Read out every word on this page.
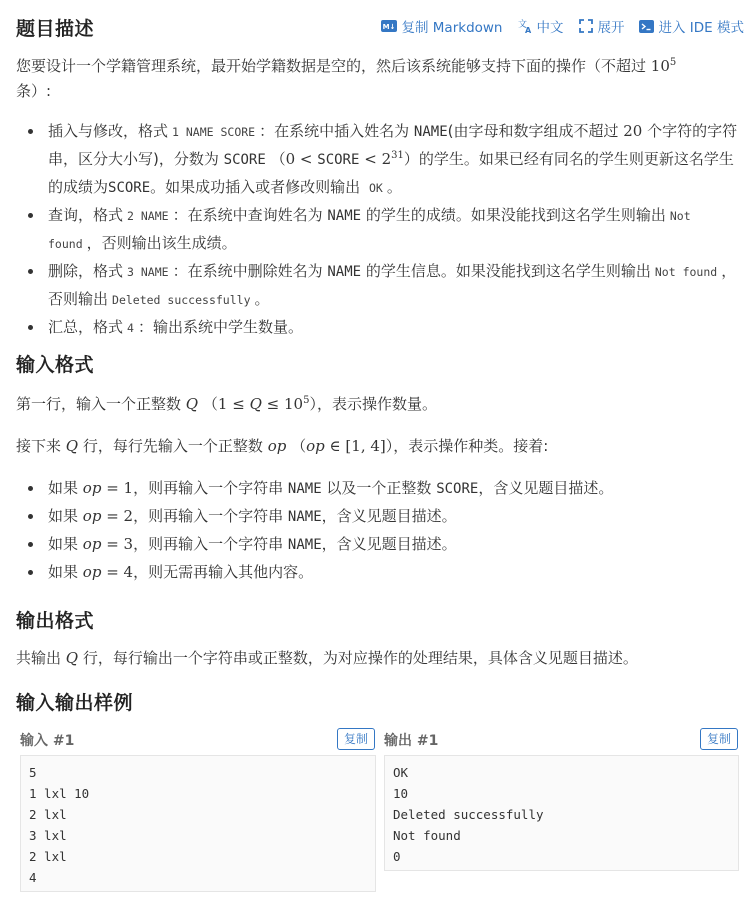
题目描述	M↓ 复制 Markdown 文
A 中文	展开	进入 IDE 模式
您要设计一个学籍管理系统，最开始学籍数据是空的，然后该系统能够支持下面的操作（不超过 $10^5$
条）:
插入与修改，格式 1 NAME SCORE ：在系统中插入姓名为 NAME(由字母和数字组成不超过 20 个字符的字符串，区分大小写)，分数为 SCORE （0 < SCORE < $2^{31}$）的学生。如果已经有同名的学生则更新这名学生的成绩为SCORE。如果成功插入或者修改则输出 OK 。
查询，格式 2 NAME ：在系统中查询姓名为 NAME 的学生的成绩。如果没能找到这名学生则输出 Not found ，否则输出该生成绩。
删除，格式 3 NAME ：在系统中删除姓名为 NAME 的学生信息。如果没能找到这名学生则输出 Not found ，否则输出 Deleted successfully 。
汇总，格式 4 ：输出系统中学生数量。
输入格式
第一行，输入一个正整数 Q $(1 \le Q \le 10^5)$，表示操作数量。
接下来 Q 行，每行先输入一个正整数 op （op ∈ [1, 4]），表示操作种类。接着:
如果 op = 1，则再输入一个字符串 NAME 以及一个正整数 SCORE，含义见题目描述。
如果 op = 2，则再输入一个字符串 NAME，含义见题目描述。
如果 op = 3，则再输入一个字符串 NAME，含义见题目描述。
如果 op = 4，则无需再输入其他内容。
输出格式
共输出 Q 行，每行输出一个字符串或正整数，为对应操作的处理结果，具体含义见题目描述。
输入输出样例
输入 #1	复制
5
1 lxl 10
2 lxl
3 lxl
2 lxl
4
输出 #1	复制
OK
10
Deleted successfully
Not found
0
